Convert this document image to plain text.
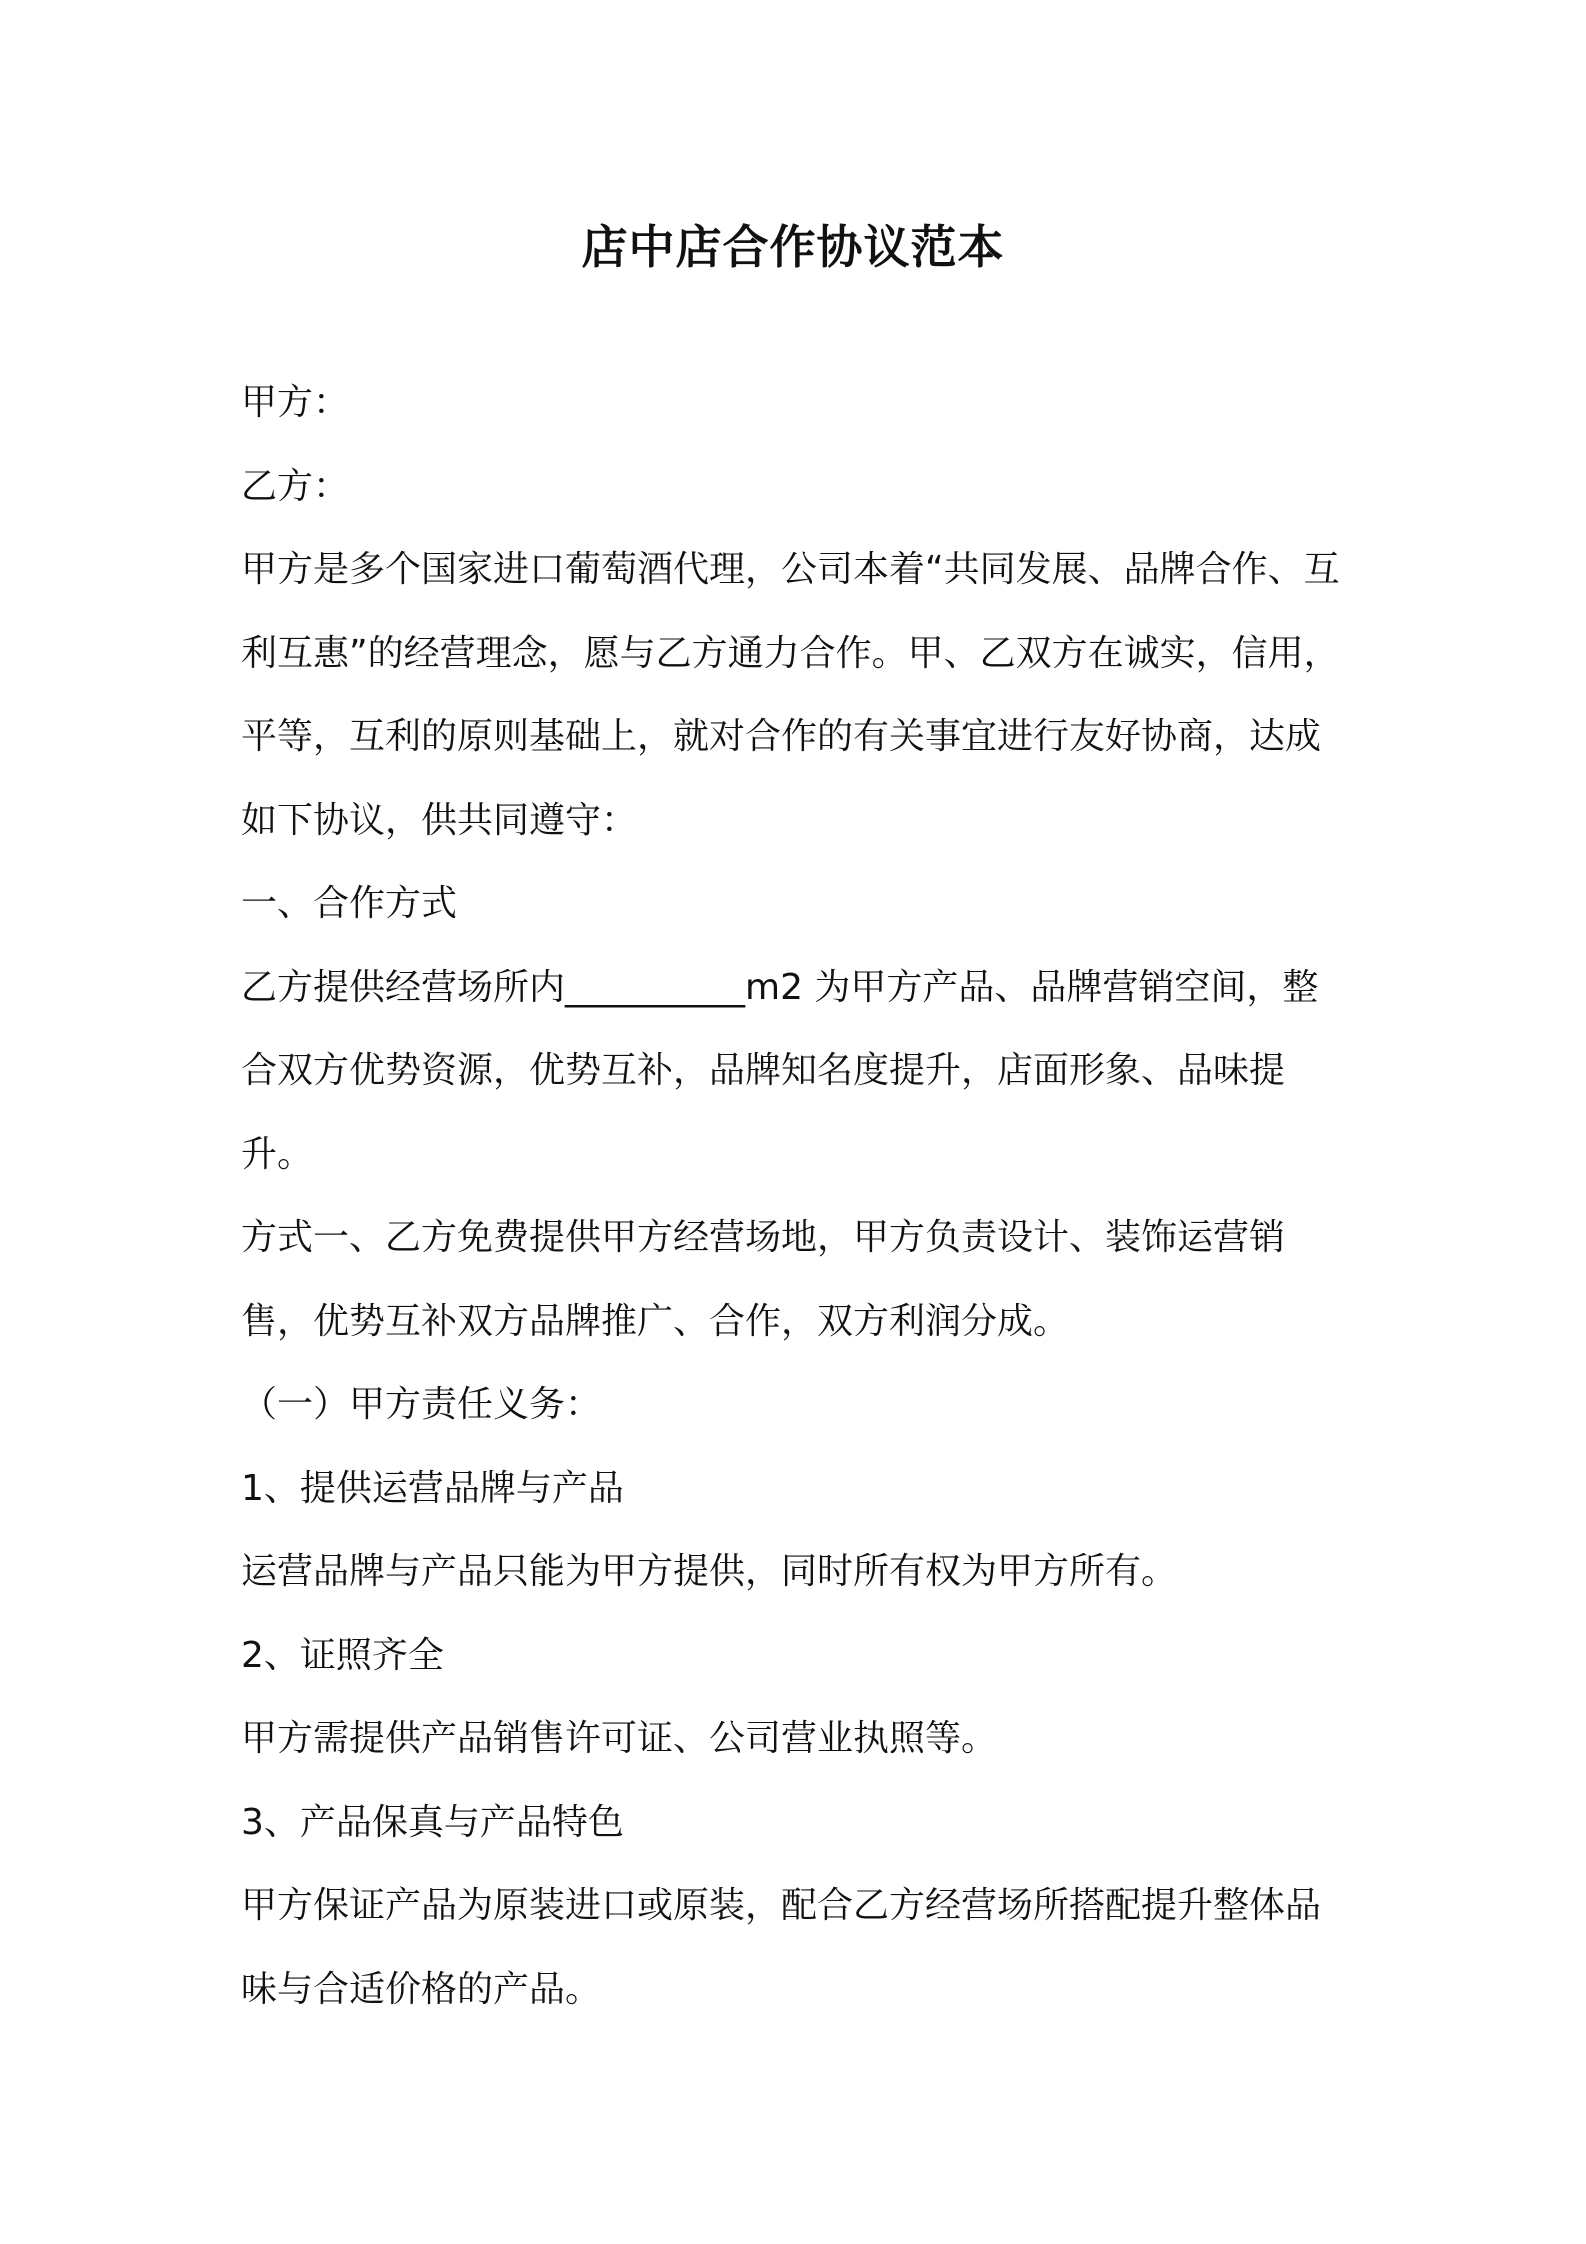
店中店合作协议范本

甲方：

乙方：

甲方是多个国家进口葡萄酒代理，公司本着“共同发展、品牌合作、互利互惠”的经营理念，愿与乙方通力合作。甲、乙双方在诚实，信用，平等，互利的原则基础上，就对合作的有关事宜进行友好协商，达成如下协议，供共同遵守：

一、合作方式

乙方提供经营场所内__________m2 为甲方产品、品牌营销空间，整合双方优势资源，优势互补，品牌知名度提升，店面形象、品味提升。

方式一、乙方免费提供甲方经营场地，甲方负责设计、装饰运营销售，优势互补双方品牌推广、合作，双方利润分成。

（一）甲方责任义务：

1、提供运营品牌与产品

运营品牌与产品只能为甲方提供，同时所有权为甲方所有。

2、证照齐全

甲方需提供产品销售许可证、公司营业执照等。

3、产品保真与产品特色

甲方保证产品为原装进口或原装，配合乙方经营场所搭配提升整体品味与合适价格的产品。
